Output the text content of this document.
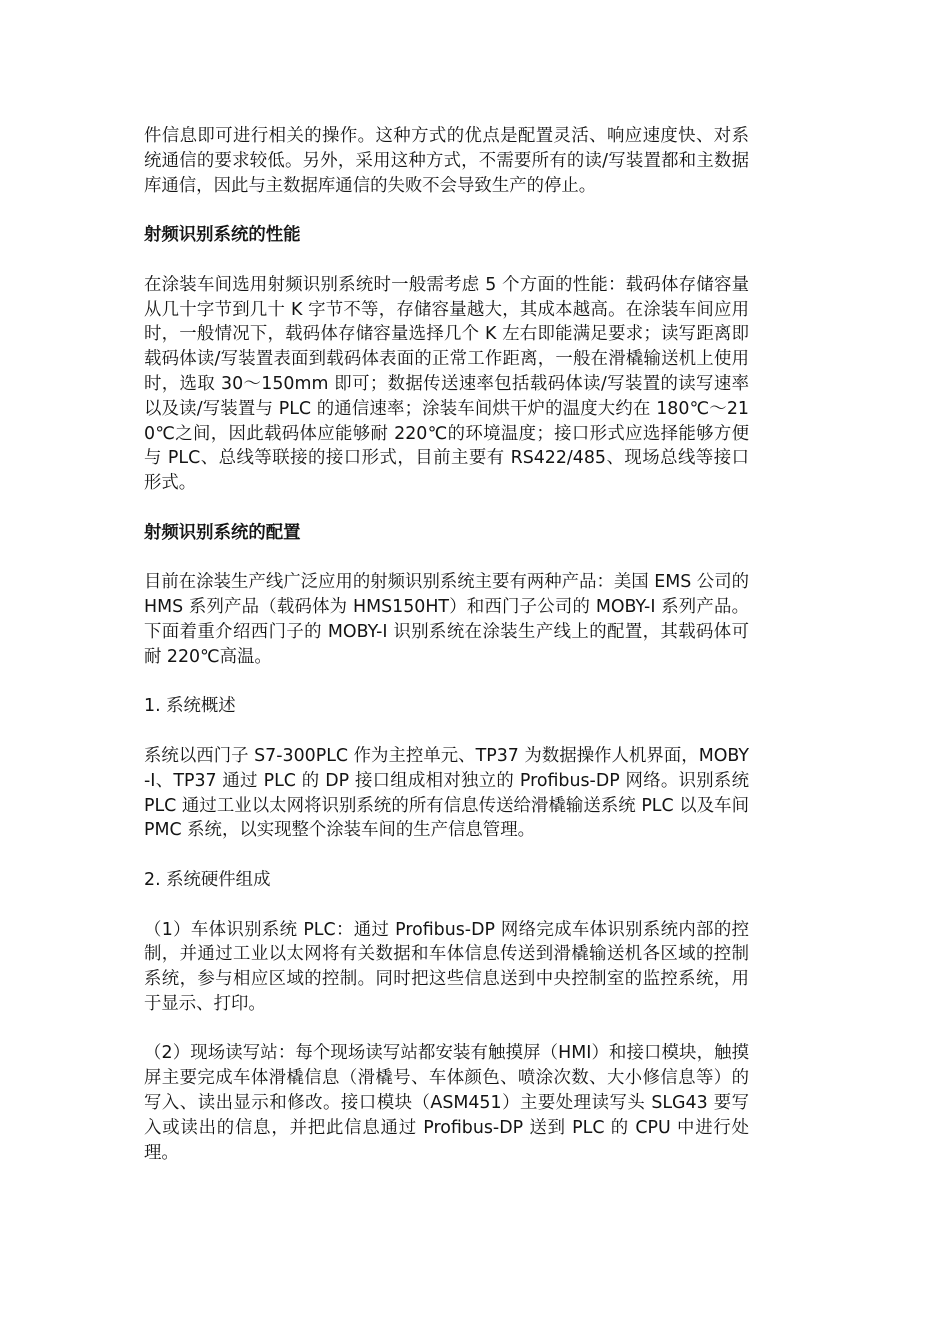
件信息即可进行相关的操作。这种方式的优点是配置灵活、响应速度快、对系统通信的要求较低。另外，采用这种方式，不需要所有的读/写装置都和主数据库通信，因此与主数据库通信的失败不会导致生产的停止。

射频识别系统的性能

在涂装车间选用射频识别系统时一般需考虑 5 个方面的性能：载码体存储容量从几十字节到几十 K 字节不等，存储容量越大，其成本越高。在涂装车间应用时，一般情况下，载码体存储容量选择几个 K 左右即能满足要求；读写距离即载码体读/写装置表面到载码体表面的正常工作距离，一般在滑橇输送机上使用时，选取 30～150mm 即可；数据传送速率包括载码体读/写装置的读写速率以及读/写装置与 PLC 的通信速率；涂装车间烘干炉的温度大约在 180℃～210℃之间，因此载码体应能够耐 220℃的环境温度；接口形式应选择能够方便与 PLC、总线等联接的接口形式，目前主要有 RS422/485、现场总线等接口形式。

射频识别系统的配置

目前在涂装生产线广泛应用的射频识别系统主要有两种产品：美国 EMS 公司的 HMS 系列产品（载码体为 HMS150HT）和西门子公司的 MOBY-I 系列产品。下面着重介绍西门子的 MOBY-I 识别系统在涂装生产线上的配置，其载码体可耐 220℃高温。

1. 系统概述

系统以西门子 S7-300PLC 作为主控单元、TP37 为数据操作人机界面，MOBY-I、TP37 通过 PLC 的 DP 接口组成相对独立的 Profibus-DP 网络。识别系统 PLC 通过工业以太网将识别系统的所有信息传送给滑橇输送系统 PLC 以及车间 PMC 系统，以实现整个涂装车间的生产信息管理。

2. 系统硬件组成

（1）车体识别系统 PLC：通过 Profibus-DP 网络完成车体识别系统内部的控制，并通过工业以太网将有关数据和车体信息传送到滑橇输送机各区域的控制系统，参与相应区域的控制。同时把这些信息送到中央控制室的监控系统，用于显示、打印。

（2）现场读写站：每个现场读写站都安装有触摸屏（HMI）和接口模块，触摸屏主要完成车体滑橇信息（滑橇号、车体颜色、喷涂次数、大小修信息等）的写入、读出显示和修改。接口模块（ASM451）主要处理读写头 SLG43 要写入或读出的信息，并把此信息通过 Profibus-DP 送到 PLC 的 CPU 中进行处理。
